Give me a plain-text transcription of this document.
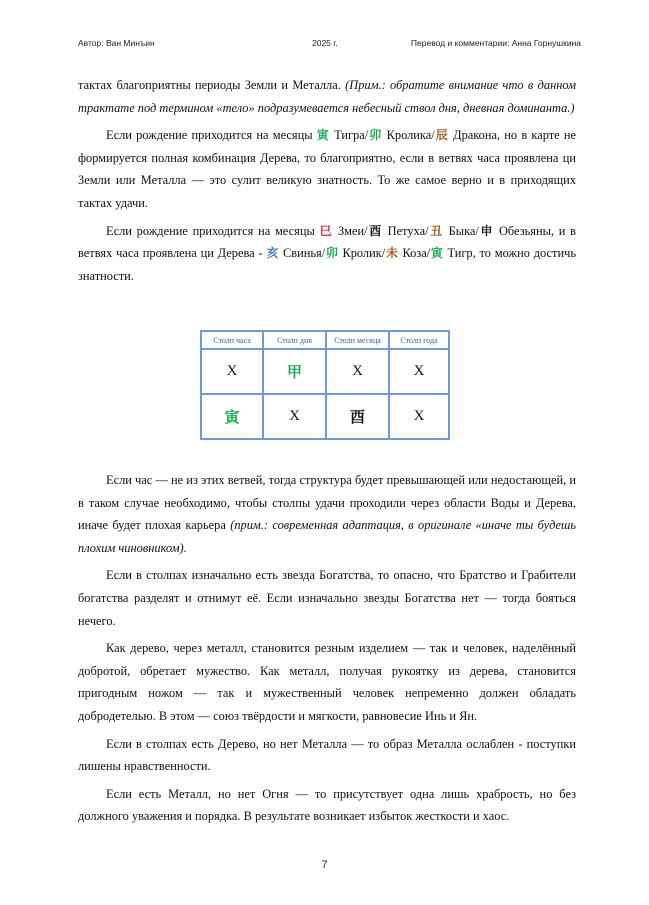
Автор: Ван Минъин	2025 г.	Перевод и комментарии: Анна Горнушкина

тактах благоприятны периоды Земли и Металла. (Прим.: обратите внимание что в данном трактате под термином «тело» подразумевается небесный ствол дня, дневная доминанта.)

Если рождение приходится на месяцы 寅 Тигра/卯 Кролика/辰 Дракона, но в карте не формируется полная комбинация Дерева, то благоприятно, если в ветвях часа проявлена ци Земли или Металла — это сулит великую знатность. То же самое верно и в приходящих тактах удачи.

Если рождение приходится на месяцы 巳 Змеи/酉 Петуха/丑 Быка/申 Обезьяны, и в ветвях часа проявлена ци Дерева - 亥 Свинья/卯 Кролик/未 Коза/寅 Тигр, то можно достичь знатности.

Столп часа	Столп дня	Столп месяца	Столп года
X	甲	X	X
寅	X	酉	X

Если час — не из этих ветвей, тогда структура будет превышающей или недостающей, и в таком случае необходимо, чтобы столпы удачи проходили через области Воды и Дерева, иначе будет плохая карьера (прим.: современная адаптация, в оригинале «иначе ты будешь плохим чиновником).

Если в столпах изначально есть звезда Богатства, то опасно, что Братство и Грабители богатства разделят и отнимут её. Если изначально звезды Богатства нет — тогда бояться нечего.

Как дерево, через металл, становится резным изделием — так и человек, наделённый добротой, обретает мужество. Как металл, получая рукоятку из дерева, становится пригодным ножом — так и мужественный человек непременно должен обладать добродетелью. В этом — союз твёрдости и мягкости, равновесие Инь и Ян.

Если в столпах есть Дерево, но нет Металла — то образ Металла ослаблен - поступки лишены нравственности.

Если есть Металл, но нет Огня — то присутствует одна лишь храбрость, но без должного уважения и порядка. В результате возникает избыток жесткости и хаос.

7
